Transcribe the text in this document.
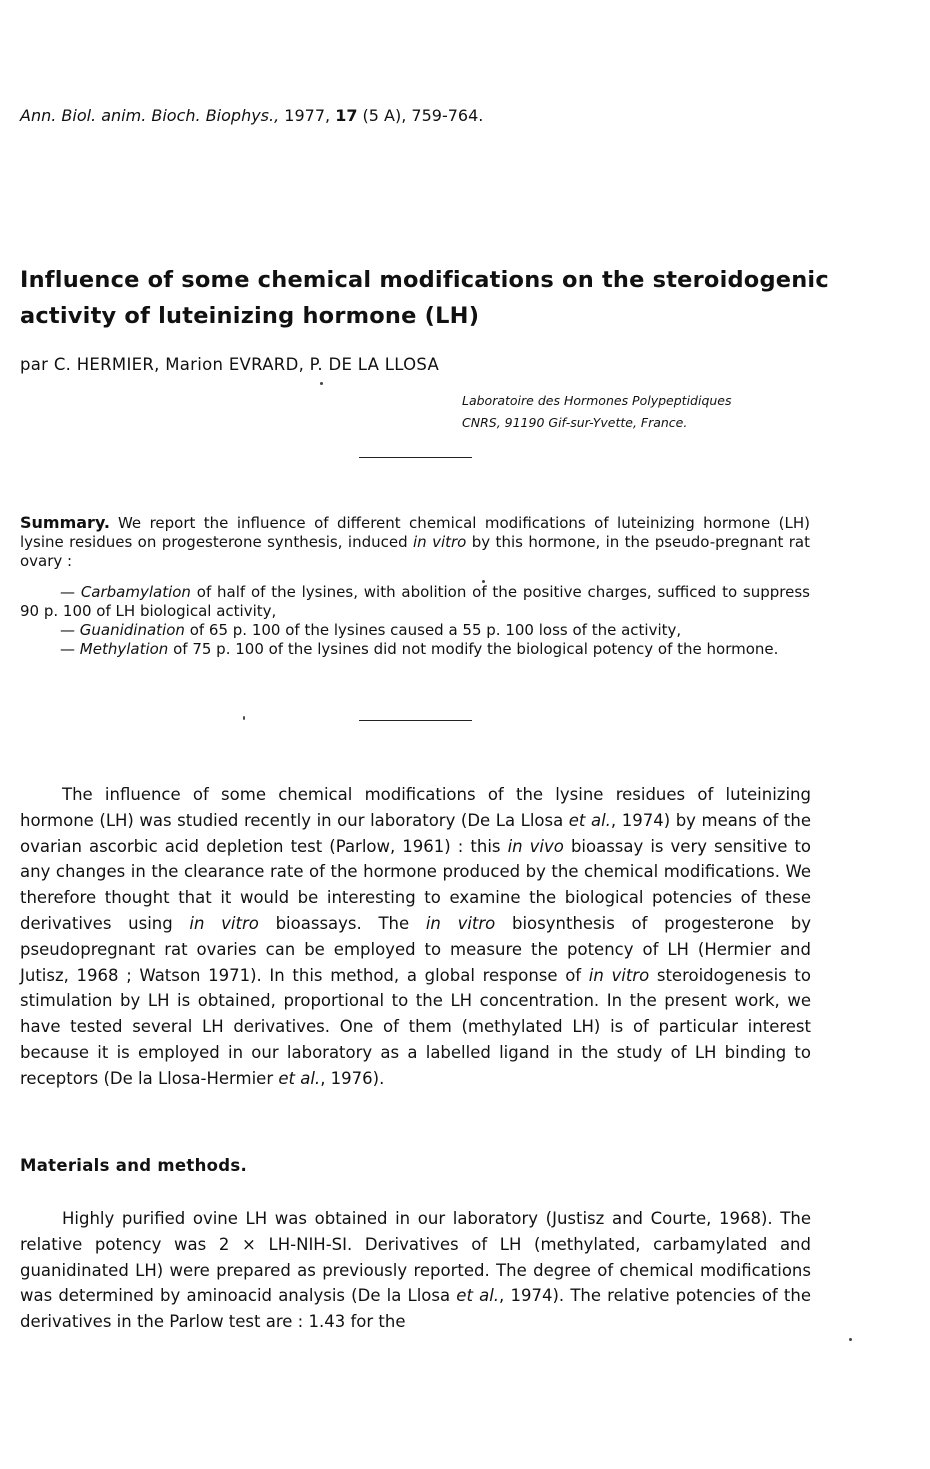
Ann. Biol. anim. Bioch. Biophys., 1977, 17 (5 A), 759-764.
Influence of some chemical modifications on the steroidogenic activity of luteinizing hormone (LH)
par C. HERMIER, Marion EVRARD, P. DE LA LLOSA
Laboratoire des Hormones Polypeptidiques
CNRS, 91190 Gif-sur-Yvette, France.

Summary. We report the influence of different chemical modifications of luteinizing hormone (LH) lysine residues on progesterone synthesis, induced in vitro by this hormone, in the pseudo-pregnant rat ovary :

— Carbamylation of half of the lysines, with abolition of the positive charges, sufficed to suppress 90 p. 100 of LH biological activity,

— Guanidination of 65 p. 100 of the lysines caused a 55 p. 100 loss of the activity,

— Methylation of 75 p. 100 of the lysines did not modify the biological potency of the hormone.

The influence of some chemical modifications of the lysine residues of luteinizing hormone (LH) was studied recently in our laboratory (De La Llosa et al., 1974) by means of the ovarian ascorbic acid depletion test (Parlow, 1961) : this in vivo bioassay is very sensitive to any changes in the clearance rate of the hormone produced by the chemical modifications. We therefore thought that it would be interesting to examine the biological potencies of these derivatives using in vitro bioassays. The in vitro biosynthesis of progesterone by pseudopregnant rat ovaries can be employed to measure the potency of LH (Hermier and Jutisz, 1968 ; Watson 1971). In this method, a global response of in vitro steroidogenesis to stimulation by LH is obtained, proportional to the LH concentration. In the present work, we have tested several LH derivatives. One of them (methylated LH) is of particular interest because it is employed in our laboratory as a labelled ligand in the study of LH binding to receptors (De la Llosa-Hermier et al., 1976).

Materials and methods.

Highly purified ovine LH was obtained in our laboratory (Justisz and Courte, 1968). The relative potency was 2 × LH-NIH-SI. Derivatives of LH (methylated, carbamylated and guanidinated LH) were prepared as previously reported. The degree of chemical modifications was determined by aminoacid analysis (De la Llosa et al., 1974). The relative potencies of the derivatives in the Parlow test are : 1.43 for the
